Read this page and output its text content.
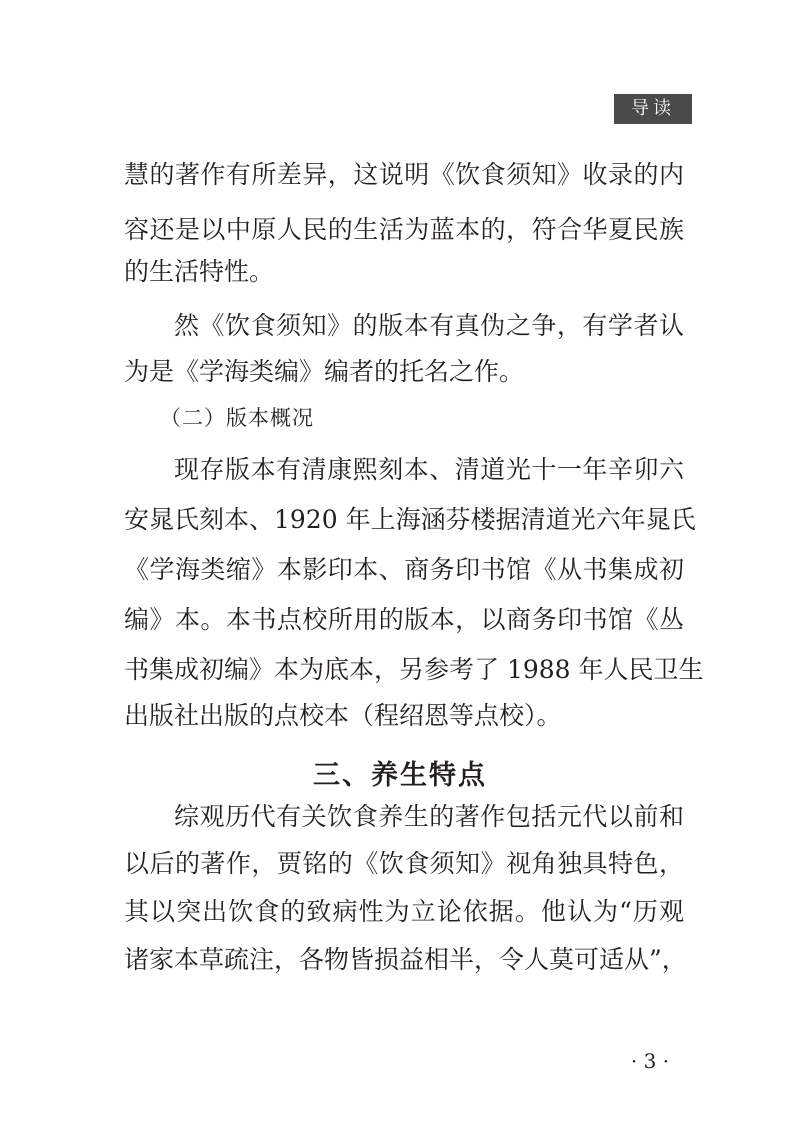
导读
慧的著作有所差异，这说明《饮食须知》收录的内
容还是以中原人民的生活为蓝本的，符合华夏民族
的生活特性。
然《饮食须知》的版本有真伪之争，有学者认
为是《学海类编》编者的托名之作。
（二）版本概况
现存版本有清康熙刻本、清道光十一年辛卯六
安晁氏刻本、1920 年上海涵芬楼据清道光六年晁氏
《学海类缩》本影印本、商务印书馆《从书集成初
编》本。本书点校所用的版本，以商务印书馆《丛
书集成初编》本为底本，另参考了 1988 年人民卫生
出版社出版的点校本（程绍恩等点校）。
三、养生特点
综观历代有关饮食养生的著作包括元代以前和
以后的著作，贾铭的《饮食须知》视角独具特色，
其以突出饮食的致病性为立论依据。他认为“历观
诸家本草疏注，各物皆损益相半，令人莫可适从”，
· 3 ·
